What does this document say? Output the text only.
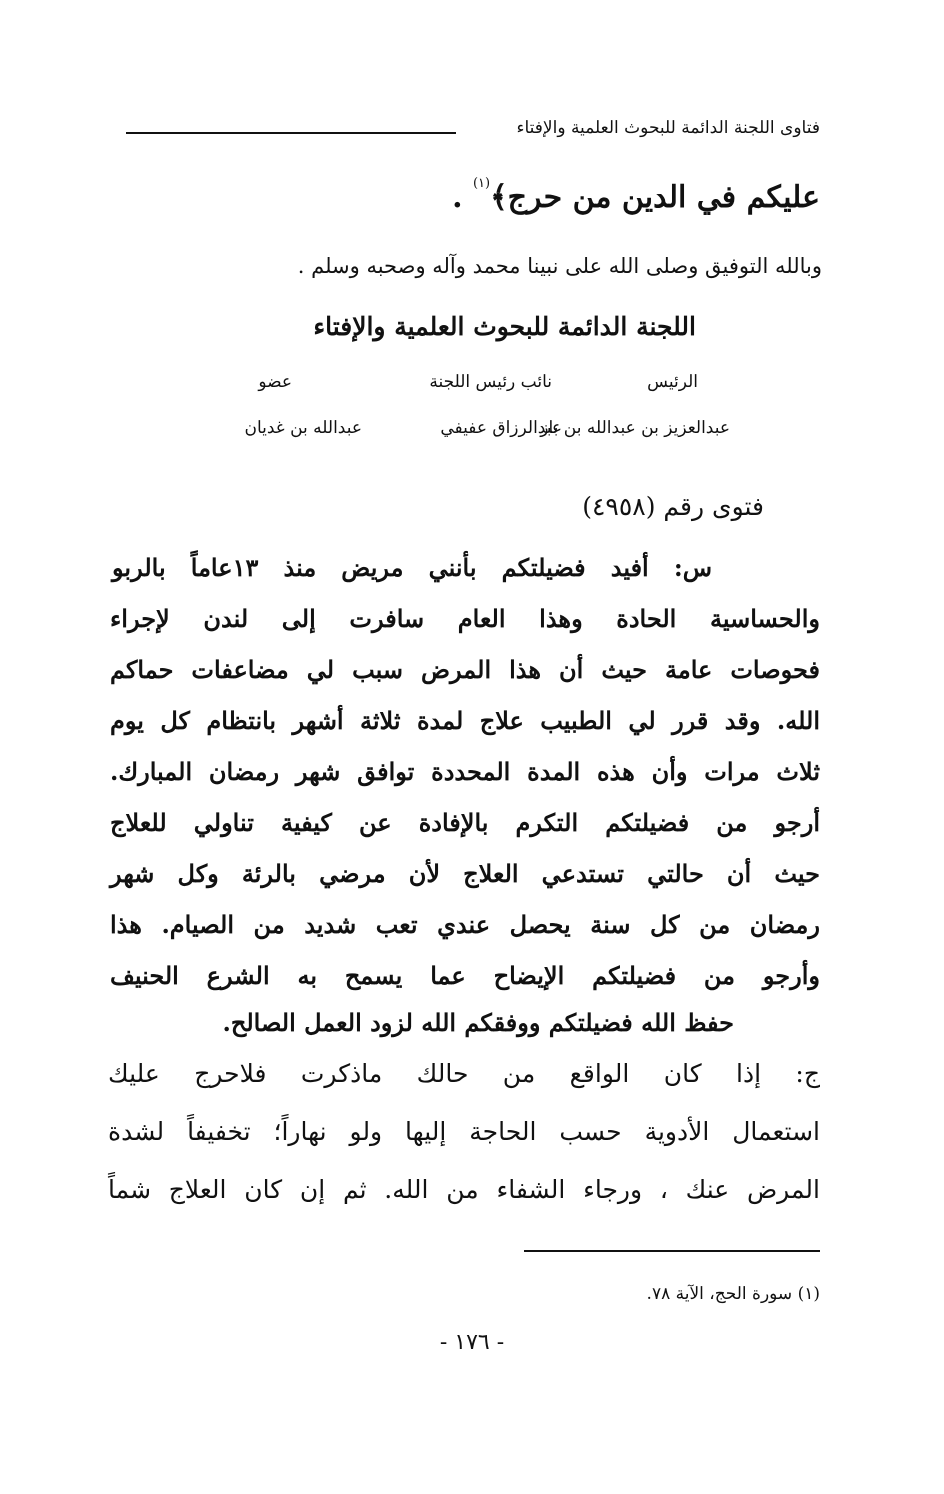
فتاوى اللجنة الدائمة للبحوث العلمية والإفتاء
عليكم في الدين من حرج﴾$^{(١)}$ .
وبالله التوفيق وصلى الله على نبينا محمد وآله وصحبه وسلم .
اللجنة الدائمة للبحوث العلمية والإفتاء
الرئيس
نائب رئيس اللجنة
عضو
عبدالعزيز بن عبدالله بن باز
عبدالرزاق عفيفي
عبدالله بن غديان
فتوى رقم (٤٩٥٨)
س: أفيد فضيلتكم بأنني مريض منذ ١٣عاماً بالربو
والحساسية الحادة وهذا العام سافرت إلى لندن لإجراء
فحوصات عامة حيث أن هذا المرض سبب لي مضاعفات حماكم
الله. وقد قرر لي الطبيب علاج لمدة ثلاثة أشهر بانتظام كل يوم
ثلاث مرات وأن هذه المدة المحددة توافق شهر رمضان المبارك.
أرجو من فضيلتكم التكرم بالإفادة عن كيفية تناولي للعلاج
حيث أن حالتي تستدعي العلاج لأن مرضي بالرئة وكل شهر
رمضان من كل سنة يحصل عندي تعب شديد من الصيام. هذا
وأرجو من فضيلتكم الإيضاح عما يسمح به الشرع الحنيف
حفظ الله فضيلتكم ووفقكم الله لزود العمل الصالح.
ج: إذا كان الواقع من حالك ماذكرت فلاحرج عليك
استعمال الأدوية حسب الحاجة إليها ولو نهاراً؛ تخفيفاً لشدة
المرض عنك ، ورجاء الشفاء من الله. ثم إن كان العلاج شماً
(١) سورة الحج، الآية ٧٨.
- ١٧٦ -
